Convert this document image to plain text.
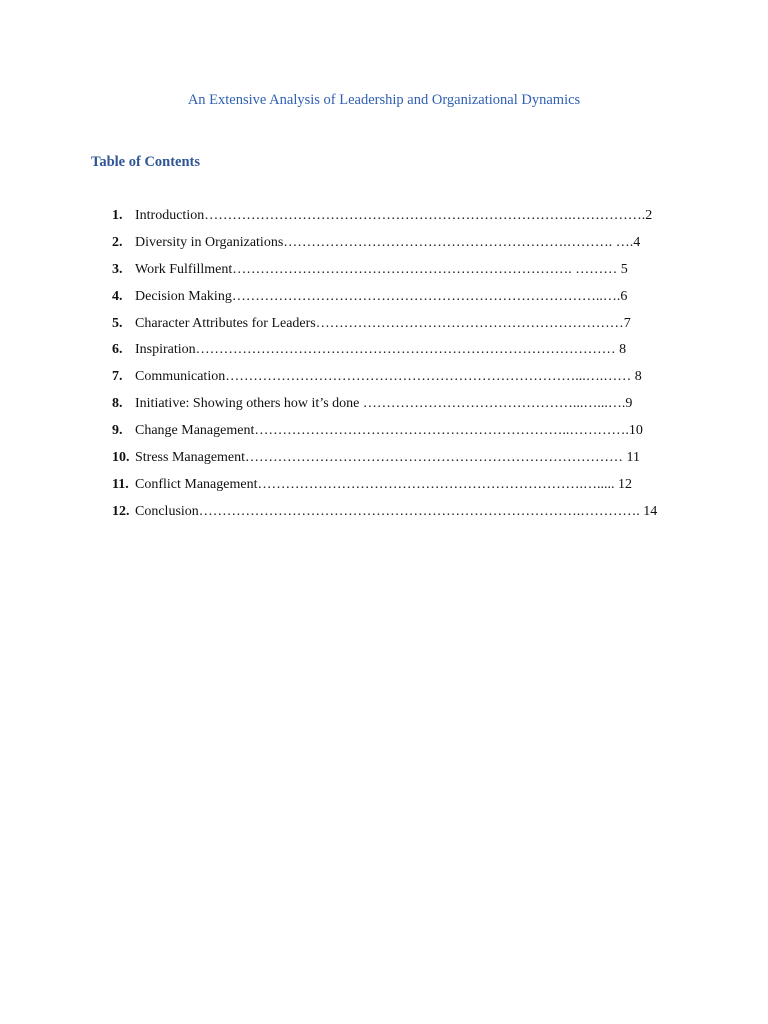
An Extensive Analysis of Leadership and Organizational Dynamics
Table of Contents
1. Introduction…………………………………………………………………….…………….2
2. Diversity in Organizations…………………………………………………….………. ….4
3. Work Fulfillment………………………………………………………………. ……… 5
4. Decision Making……………………………………………………………………..….6
5. Character Attributes for Leaders…………………………………………………………7
6. Inspiration……………………………………………………………………………… 8
7. Communication…………………………………………………………………...….…… 8
8. Initiative: Showing others how it’s done ………………………………………...…...….9
9. Change Management…………………………………………………………..………….10
10. Stress Management……………………………………………………………………… 11
11. Conflict Management…………………………………………………………….…..... 12
12. Conclusion……………………………………………………………………….…………. 14
